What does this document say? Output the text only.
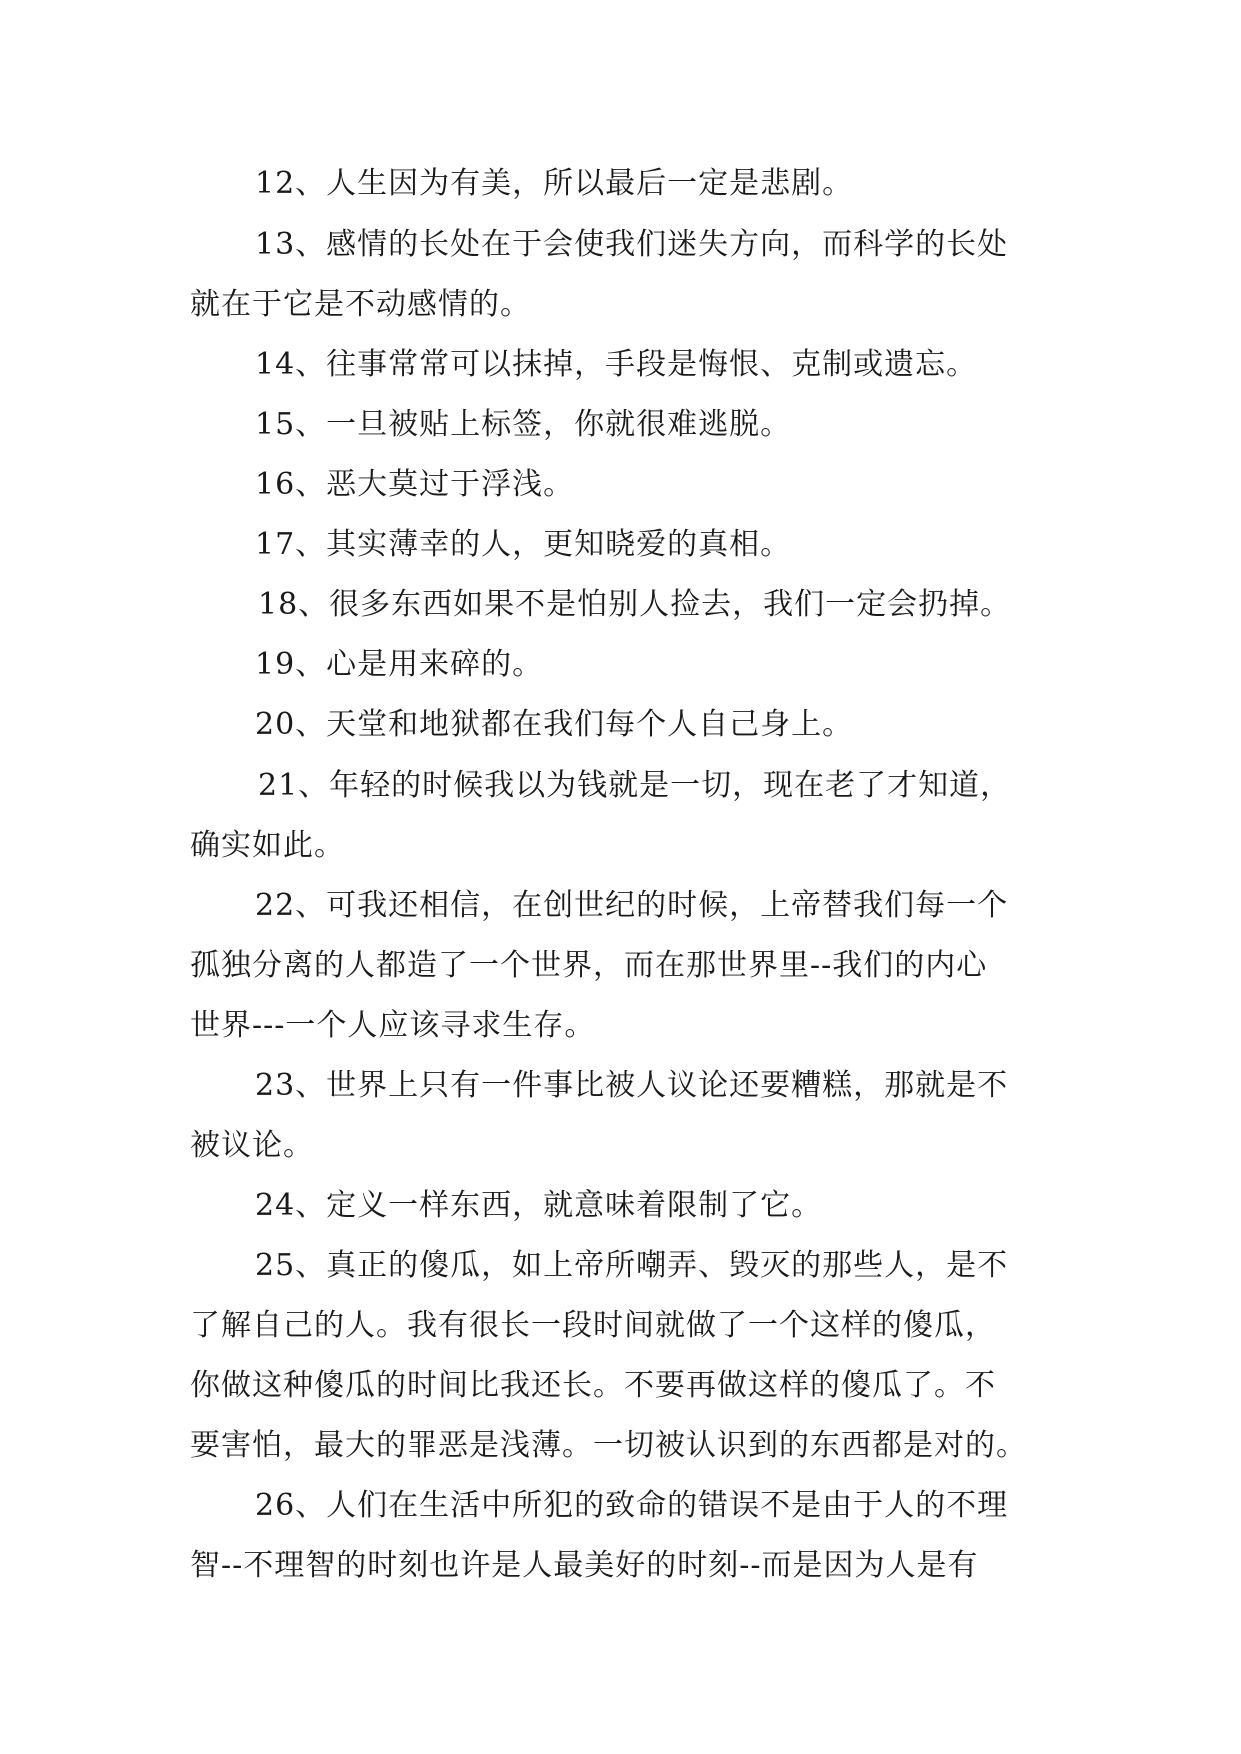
12、人生因为有美，所以最后一定是悲剧。
13、感情的长处在于会使我们迷失方向，而科学的长处
就在于它是不动感情的。
14、往事常常可以抹掉，手段是悔恨、克制或遗忘。
15、一旦被贴上标签，你就很难逃脱。
16、恶大莫过于浮浅。
17、其实薄幸的人，更知晓爱的真相。
18、很多东西如果不是怕别人捡去，我们一定会扔掉。
19、心是用来碎的。
20、天堂和地狱都在我们每个人自己身上。
21、年轻的时候我以为钱就是一切，现在老了才知道，
确实如此。
22、可我还相信，在创世纪的时候，上帝替我们每一个
孤独分离的人都造了一个世界，而在那世界里--我们的内心
世界---一个人应该寻求生存。
23、世界上只有一件事比被人议论还要糟糕，那就是不
被议论。
24、定义一样东西，就意味着限制了它。
25、真正的傻瓜，如上帝所嘲弄、毁灭的那些人，是不
了解自己的人。我有很长一段时间就做了一个这样的傻瓜，
你做这种傻瓜的时间比我还长。不要再做这样的傻瓜了。不
要害怕，最大的罪恶是浅薄。一切被认识到的东西都是对的。
26、人们在生活中所犯的致命的错误不是由于人的不理
智--不理智的时刻也许是人最美好的时刻--而是因为人是有
